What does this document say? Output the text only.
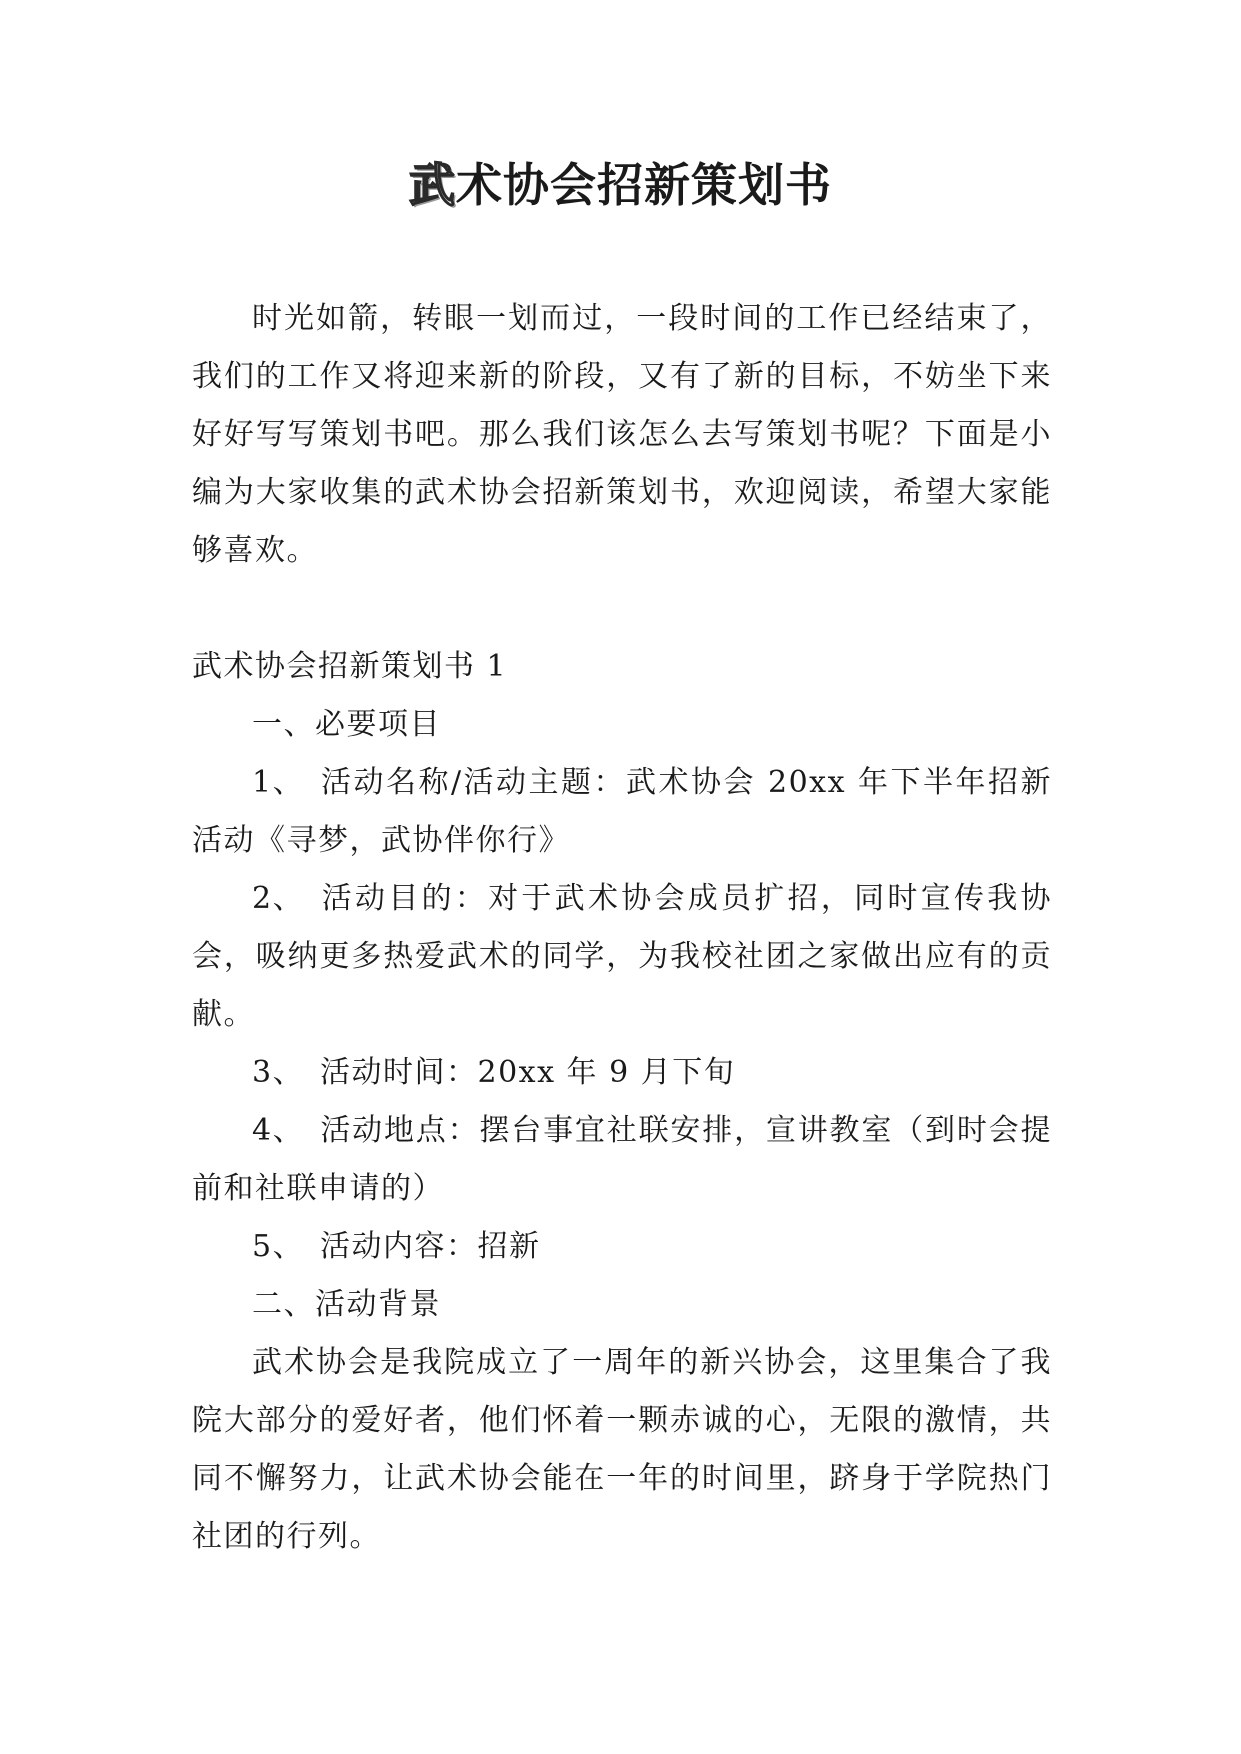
武术协会招新策划书

时光如箭，转眼一划而过，一段时间的工作已经结束了，我们的工作又将迎来新的阶段，又有了新的目标，不妨坐下来好好写写策划书吧。那么我们该怎么去写策划书呢？下面是小编为大家收集的武术协会招新策划书，欢迎阅读，希望大家能够喜欢。

武术协会招新策划书 1

一、必要项目

1、 活动名称/活动主题：武术协会 20xx 年下半年招新活动《寻梦，武协伴你行》

2、 活动目的：对于武术协会成员扩招，同时宣传我协会，吸纳更多热爱武术的同学，为我校社团之家做出应有的贡献。

3、 活动时间：20xx 年 9 月下旬

4、 活动地点：摆台事宜社联安排，宣讲教室（到时会提前和社联申请的）

5、 活动内容：招新

二、活动背景

武术协会是我院成立了一周年的新兴协会，这里集合了我院大部分的爱好者，他们怀着一颗赤诚的心，无限的激情，共同不懈努力，让武术协会能在一年的时间里，跻身于学院热门社团的行列。
